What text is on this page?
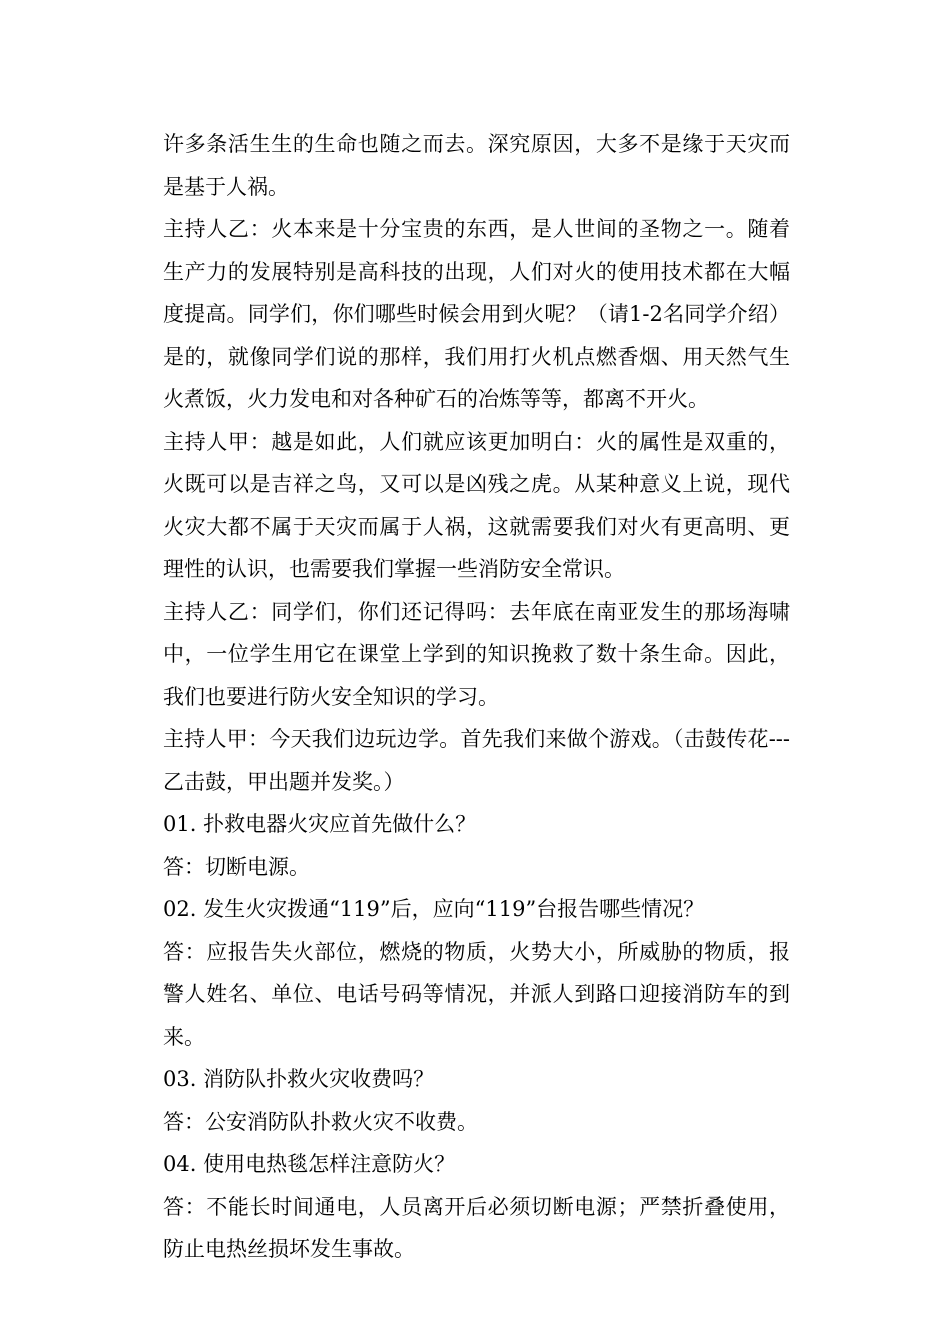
许多条活生生的生命也随之而去。深究原因，大多不是缘于天灾而是基于人祸。

主持人乙：火本来是十分宝贵的东西，是人世间的圣物之一。随着生产力的发展特别是高科技的出现，人们对火的使用技术都在大幅度提高。同学们，你们哪些时候会用到火呢？（请1-2名同学介绍）是的，就像同学们说的那样，我们用打火机点燃香烟、用天然气生火煮饭，火力发电和对各种矿石的冶炼等等，都离不开火。

主持人甲：越是如此，人们就应该更加明白：火的属性是双重的，火既可以是吉祥之鸟，又可以是凶残之虎。从某种意义上说，现代火灾大都不属于天灾而属于人祸，这就需要我们对火有更高明、更理性的认识，也需要我们掌握一些消防安全常识。

主持人乙：同学们，你们还记得吗：去年底在南亚发生的那场海啸中，一位学生用它在课堂上学到的知识挽救了数十条生命。因此，我们也要进行防火安全知识的学习。

主持人甲：今天我们边玩边学。首先我们来做个游戏。（击鼓传花---乙击鼓，甲出题并发奖。）

01. 扑救电器火灾应首先做什么？

答：切断电源。

02. 发生火灾拨通“119”后，应向“119”台报告哪些情况？

答：应报告失火部位，燃烧的物质，火势大小，所威胁的物质，报警人姓名、单位、电话号码等情况，并派人到路口迎接消防车的到来。

03. 消防队扑救火灾收费吗？

答：公安消防队扑救火灾不收费。

04. 使用电热毯怎样注意防火？

答：不能长时间通电，人员离开后必须切断电源；严禁折叠使用，防止电热丝损坏发生事故。
